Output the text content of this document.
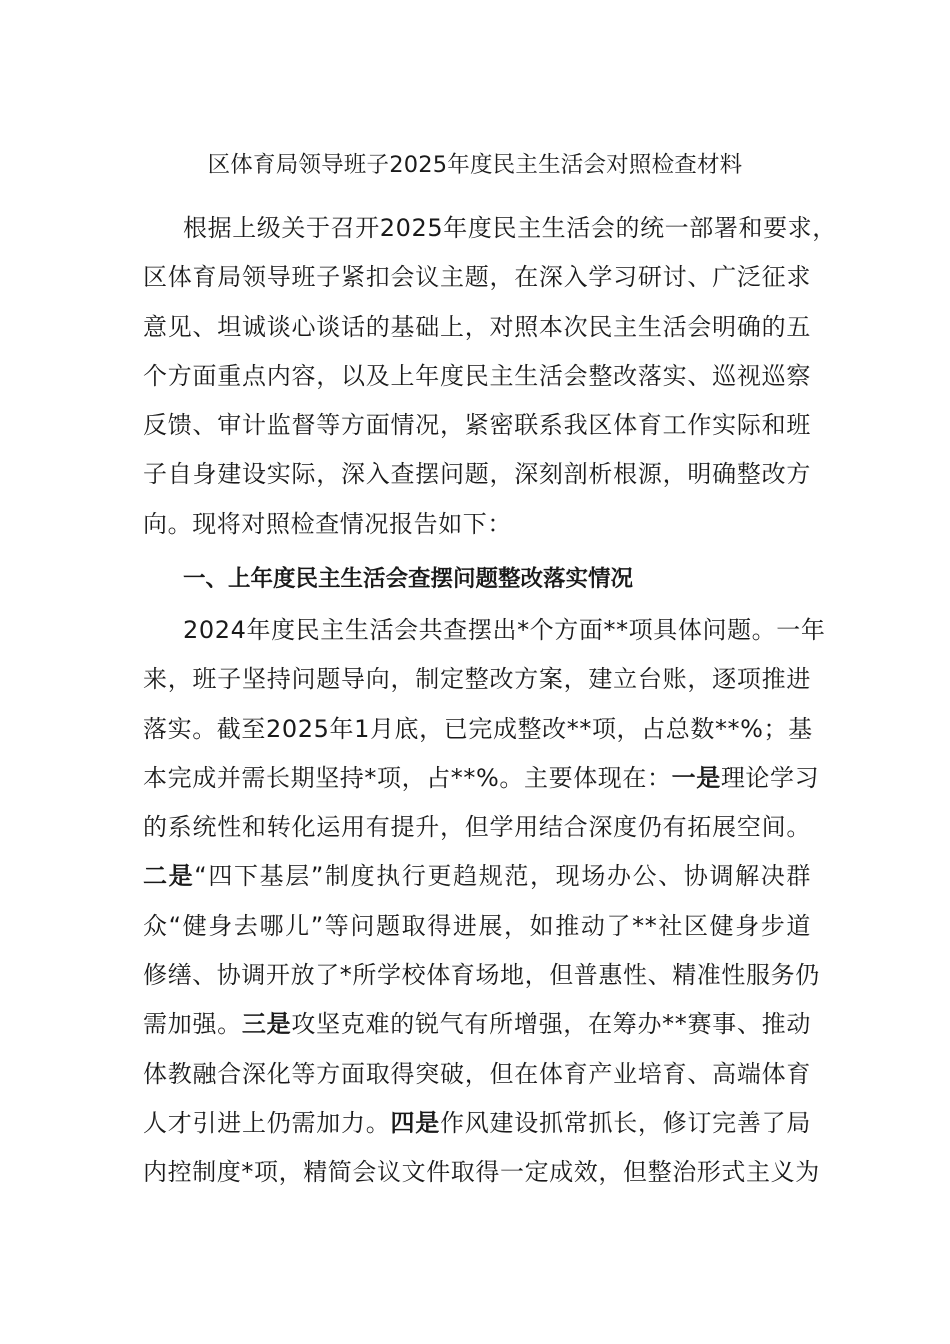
区体育局领导班子2025年度民主生活会对照检查材料
根据上级关于召开2025年度民主生活会的统一部署和要求，
区体育局领导班子紧扣会议主题，在深入学习研讨、广泛征求
意见、坦诚谈心谈话的基础上，对照本次民主生活会明确的五
个方面重点内容，以及上年度民主生活会整改落实、巡视巡察
反馈、审计监督等方面情况，紧密联系我区体育工作实际和班
子自身建设实际，深入查摆问题，深刻剖析根源，明确整改方
向。现将对照检查情况报告如下：
一、上年度民主生活会查摆问题整改落实情况
2024年度民主生活会共查摆出*个方面**项具体问题。一年
来，班子坚持问题导向，制定整改方案，建立台账，逐项推进
落实。截至2025年1月底，已完成整改**项，占总数**%；基
本完成并需长期坚持*项，占**%。主要体现在：一是理论学习
的系统性和转化运用有提升，但学用结合深度仍有拓展空间。
二是“四下基层”制度执行更趋规范，现场办公、协调解决群
众“健身去哪儿”等问题取得进展，如推动了**社区健身步道
修缮、协调开放了*所学校体育场地，但普惠性、精准性服务仍
需加强。三是攻坚克难的锐气有所增强，在筹办**赛事、推动
体教融合深化等方面取得突破，但在体育产业培育、高端体育
人才引进上仍需加力。四是作风建设抓常抓长，修订完善了局
内控制度*项，精简会议文件取得一定成效，但整治形式主义为
